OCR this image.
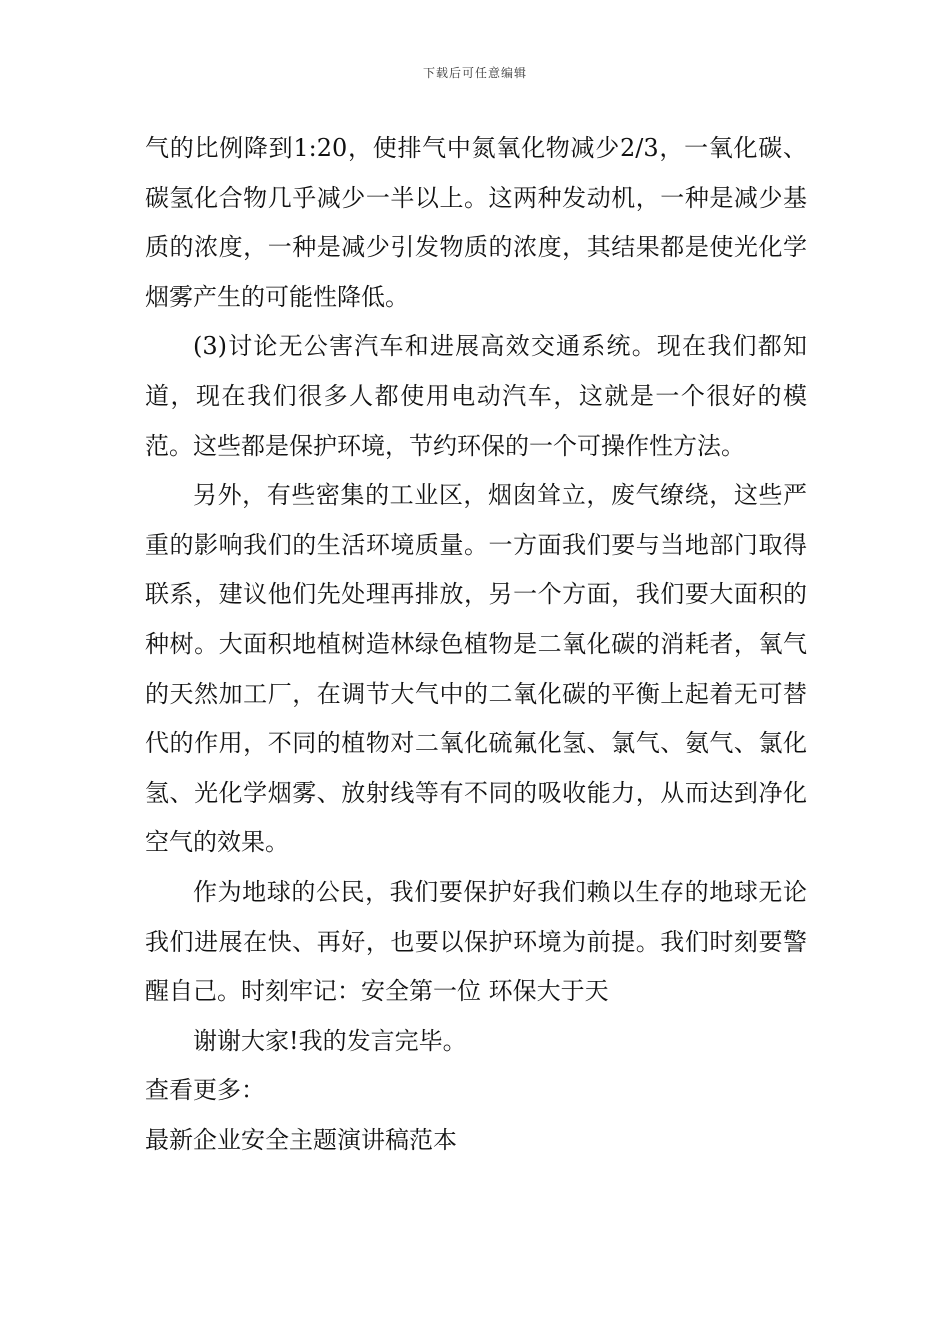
下载后可任意编辑

气的比例降到1:20，使排气中氮氧化物减少2/3，一氧化碳、碳氢化合物几乎减少一半以上。这两种发动机，一种是减少基质的浓度，一种是减少引发物质的浓度，其结果都是使光化学烟雾产生的可能性降低。

(3)讨论无公害汽车和进展高效交通系统。现在我们都知道，现在我们很多人都使用电动汽车，这就是一个很好的模范。这些都是保护环境，节约环保的一个可操作性方法。

另外，有些密集的工业区，烟囱耸立，废气缭绕，这些严重的影响我们的生活环境质量。一方面我们要与当地部门取得联系，建议他们先处理再排放，另一个方面，我们要大面积的种树。大面积地植树造林绿色植物是二氧化碳的消耗者，氧气的天然加工厂，在调节大气中的二氧化碳的平衡上起着无可替代的作用，不同的植物对二氧化硫氟化氢、氯气、氨气、氯化氢、光化学烟雾、放射线等有不同的吸收能力，从而达到净化空气的效果。

作为地球的公民，我们要保护好我们赖以生存的地球无论我们进展在快、再好，也要以保护环境为前提。我们时刻要警醒自己。时刻牢记：安全第一位 环保大于天

谢谢大家!我的发言完毕。

查看更多：

最新企业安全主题演讲稿范本
